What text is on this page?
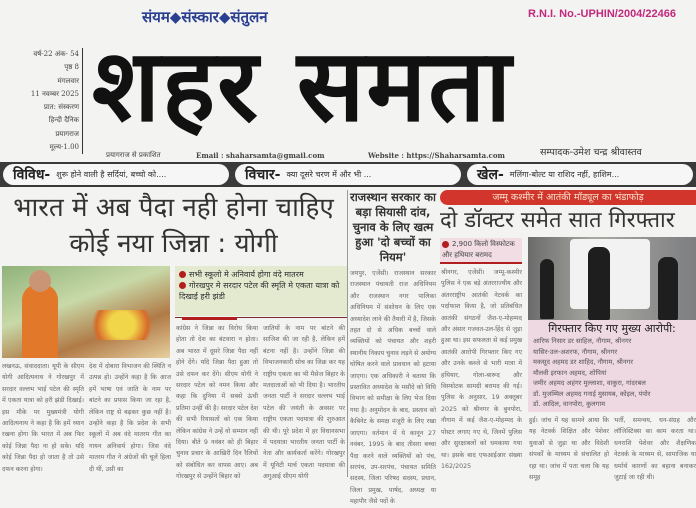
संयम◆संस्कार◆संतुलन	R.N.I. No.-UPHIN/2004/22466
शहर समता
वर्ष-22 अंक- 54
पृष्ठ 8
मंगलवार
11 नवम्बर 2025
प्रात: संस्करण
हिन्दी दैनिक
प्रयागराज
मूल्य-1.00
प्रयागराज से प्रकाशित	Email : shaharsamta@gmail.com	Website : https://Shaharsamta.com	सम्पादक-उमेश चन्द्र श्रीवास्तव
विविध- शुरू होने वाली है सर्दियां, बच्चो को....	विचार- क्या दूसरे चरण में और भी ...	खेल- मलिंगा-बोल्ट या राशिद नहीं, हाशिम...
भारत में अब पैदा नही होना चाहिए कोई नया जिन्ना : योगी
सभी स्कूलो मे अनिवार्य होगा वंदे मातरम
गोरखपुर मे सरदार पटेल की स्मृति मे एकता यात्रा को दिखाई हरी झंडी
लखनऊ, संवाददाता। यूपी के सीएम योगी आदित्यनाथ ने गोरखपुर में सरदार वल्लभ भाई पटेल की स्मृति में एकता यात्रा को हरी झंडी दिखाई। इस मौके पर मुख्यमंत्री योगी आदित्यनाथ ने कहा है कि हमें ध्यान रखना होगा कि भारत में अब फिर कोई जिन्ना पैदा ना हो सके। यदि कोई जिन्ना पैदा हो जाता है तो उसे दफन करना होगा।
देश में दोबारा विभाजन की स्थिति न उत्पन्न हो। उन्होंने कहा है कि आज हमें भाषा एवं जाति के नाम पर बांटने का प्रयास किया जा रहा है, लेकिन राष्ट्र से बढ़कर कुछ नहीं है। उन्होंने कहा है कि प्रदेश के सभी स्कूलों में अब वंदे मातरम गीत का गायन अनिवार्य होगा। जिस वंदे मातरम गीत ने अंग्रेजों की चूलें हिला दी थीं, उसी का
कांग्रेस ने जिन्ना का विरोध किया होता तो देश का बंटवारा न होता। अब भारत में दूसरे जिन्ना पैदा नहीं होने देंगे। यदि जिन्ना पैदा हुआ तो उसे दफन कर देंगे। सीएम योगी ने सरदार पटेल को नमन किया और कहा कि दुनिया में सबसे ऊंची प्रतिमा उन्हीं की है। सरदार पटेल देश की सभी रियासतों को एक किया लेकिन कांग्रेस ने उन्हें वो सम्मान नहीं दिया। बीते 9 नवंबर को ही बिहार चुनाव प्रचार के आखिरी दिन रैलियों को संबोधित कर वापस आए। अब गोरखपुर से उन्होंने बिहार को
जातियों के नाम पर बांटने की साजिश की जा रही है, लेकिन हमें बंटना नहीं है। उन्होंने जिन्ना की विभाजनकारी सोच का जिक्र कर यह राष्ट्रीय एकता का भी मैसेज बिहार के मतदाताओं को भी दिया है। भारतीय जनता पार्टी ने सरदार वल्लभ भाई पटेल की जयंती के अवसर पर राष्ट्रीय एकता पदयात्रा की शुरुआत की थी। पूरे प्रदेश में हर विधानसभा में पदयात्रा भारतीय जनता पार्टी के नेता और कार्यकर्ता करेंगे। गोरखपुर में यूनिटी मार्च एकता पदयात्रा की अगुआई सीएम योगी
राजस्थान सरकार का बड़ा सियासी दांव, चुनाव के लिए खत्म हुआ 'दो बच्चों का नियम'
जयपुर, एजेंसी। राजस्थान सरकार राजस्थान पंचायती राज अधिनियम और राजस्थान नगर पालिका अधिनियम में संशोधन के लिए एक अध्यादेश लाने की तैयारी में है, जिसके तहत दो से अधिक बच्चों वाले व्यक्तियों को पंचायत और शहरी स्थानीय निकाय चुनाव लड़ने से अयोग्य घोषित करने वाले प्रावधान को हटाया जाएगा। एक अधिकारी ने बताया कि प्रस्तावित अध्यादेश के मसौदे को विधि विभाग को समीक्षा के लिए भेज दिया गया है। अनुमोदन के बाद, प्रस्ताव को कैबिनेट के समक्ष मंजूरी के लिए रखा जाएगा। वर्तमान में ये कानून 27 नवंबर, 1995 के बाद तीसरा बच्चा पैदा करने वाले व्यक्तियों को पंच, सरपंच, उप-सरपंच, पंचायत समिति सदस्य, जिला परिषद सदस्य, प्रधान, जिला प्रमुख, पार्षद, अध्यक्ष या महापौर जैसे पदों के
जम्मू कश्मीर में आतंकी मॉड्यूल का भंडाफोड़
दो डॉक्टर समेत सात गिरफ्तार
2,900 किलो विस्फोटक और हथियार बरामद
श्रीनगर, एजेंसी। जम्मू-कश्मीर पुलिस ने एक बड़े अंतरराज्यीय और अंतरराष्ट्रीय आतंकी नेटवर्क का पर्दाफाश किया है, जो प्रतिबंधित आतंकी संगठनों जैश-ए-मोहम्मद और अंसार गजवत-उल-हिंद से जुड़ा हुआ था। इस सफलता से कई प्रमुख आतंकी आरोपी गिरफ्तार किए गए और उनके कब्जे से भारी मात्रा में हथियार, गोला-बारूद और विस्फोटक सामग्री बरामद की गई। पुलिस के अनुसार, 19 अक्तूबर 2025 को श्रीनगर के बुनपोरा, नौगाम में कई जैश-ए-मोहम्मद के पोस्टर लगाए गए थे, जिनमें पुलिस और सुरक्षाबलों को धमकाया गया था। इसके बाद एफआईआर संख्या 162/2025
गिरफ्तार किए गए मुख्य आरोपी:
आरिफ निसार डर साहिल, नौगाम, श्रीनगर
यासिर-उल-अशरफ, नौगाम, श्रीनगर
मकसूद अहमद डर शाहिद, नौगाम, श्रीनगर
मौलवी इरफान अहमद, शोपियां
जमीर अहमद अहंगर मुल्लाशा, वाकुरा, गांदरबल
डॉ. मुजम्मिल अहमद गनाई मुसायब, कोइल, पंपोर
डॉ. आदिल, वानपोरा, कुलगाम
हुई। जांच में यह सामने आया कि यह नेटवर्क शिक्षित और पेशेवर युवाओं से जुड़ा था और विदेशी संपर्कों के माध्यम से संचालित हो रहा था। जांच में पता चला कि यह समूह
भर्ती, समन्वय, धन-संग्रह और लॉजिस्टिक्स का काम करता था। धनराशि पेशेवर और शैक्षणिक नेटवर्क के माध्यम से, सामाजिक या धर्मार्थ कारणों का बहाना बनाकर जुटाई जा रही थी।
